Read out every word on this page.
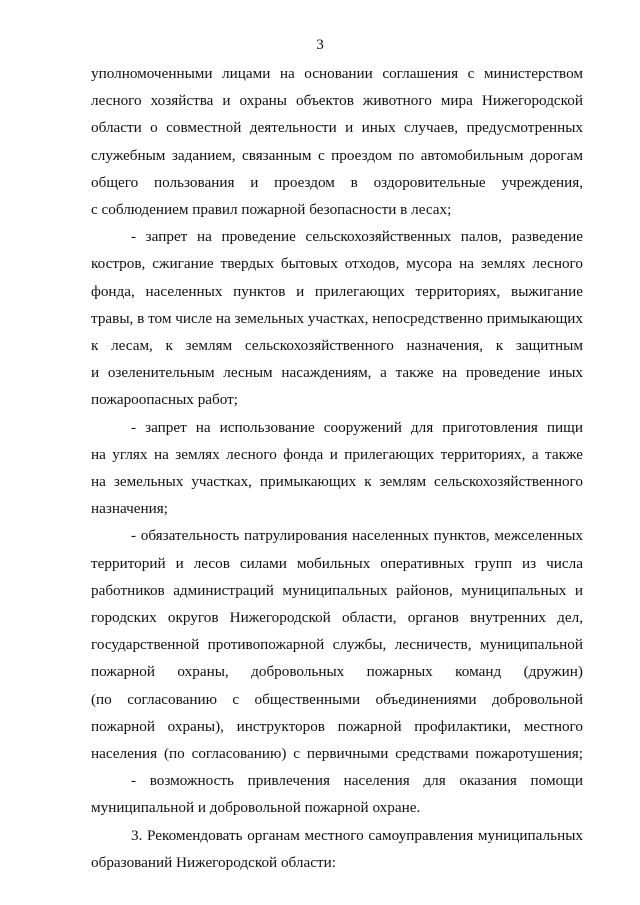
3
уполномоченными лицами на основании соглашения с министерством
лесного хозяйства и охраны объектов животного мира Нижегородской
области о совместной деятельности и иных случаев, предусмотренных
служебным заданием, связанным с проездом по автомобильным дорогам
общего пользования и проездом в оздоровительные учреждения,
с соблюдением правил пожарной безопасности в лесах;
- запрет на проведение сельскохозяйственных палов, разведение
костров, сжигание твердых бытовых отходов, мусора на землях лесного
фонда, населенных пунктов и прилегающих территориях, выжигание
травы, в том числе на земельных участках, непосредственно примыкающих
к лесам, к землям сельскохозяйственного назначения, к защитным
и озеленительным лесным насаждениям, а также на проведение иных
пожароопасных работ;
- запрет на использование сооружений для приготовления пищи
на углях на землях лесного фонда и прилегающих территориях, а также
на земельных участках, примыкающих к землям сельскохозяйственного
назначения;
- обязательность патрулирования населенных пунктов, межселенных
территорий и лесов силами мобильных оперативных групп из числа
работников администраций муниципальных районов, муниципальных и
городских округов Нижегородской области, органов внутренних дел,
государственной противопожарной службы, лесничеств, муниципальной
пожарной охраны, добровольных пожарных команд (дружин)
(по согласованию с общественными объединениями добровольной
пожарной охраны), инструкторов пожарной профилактики, местного
населения (по согласованию) с первичными средствами пожаротушения;
- возможность привлечения населения для оказания помощи
муниципальной и добровольной пожарной охране.
3. Рекомендовать органам местного самоуправления муниципальных
образований Нижегородской области:
